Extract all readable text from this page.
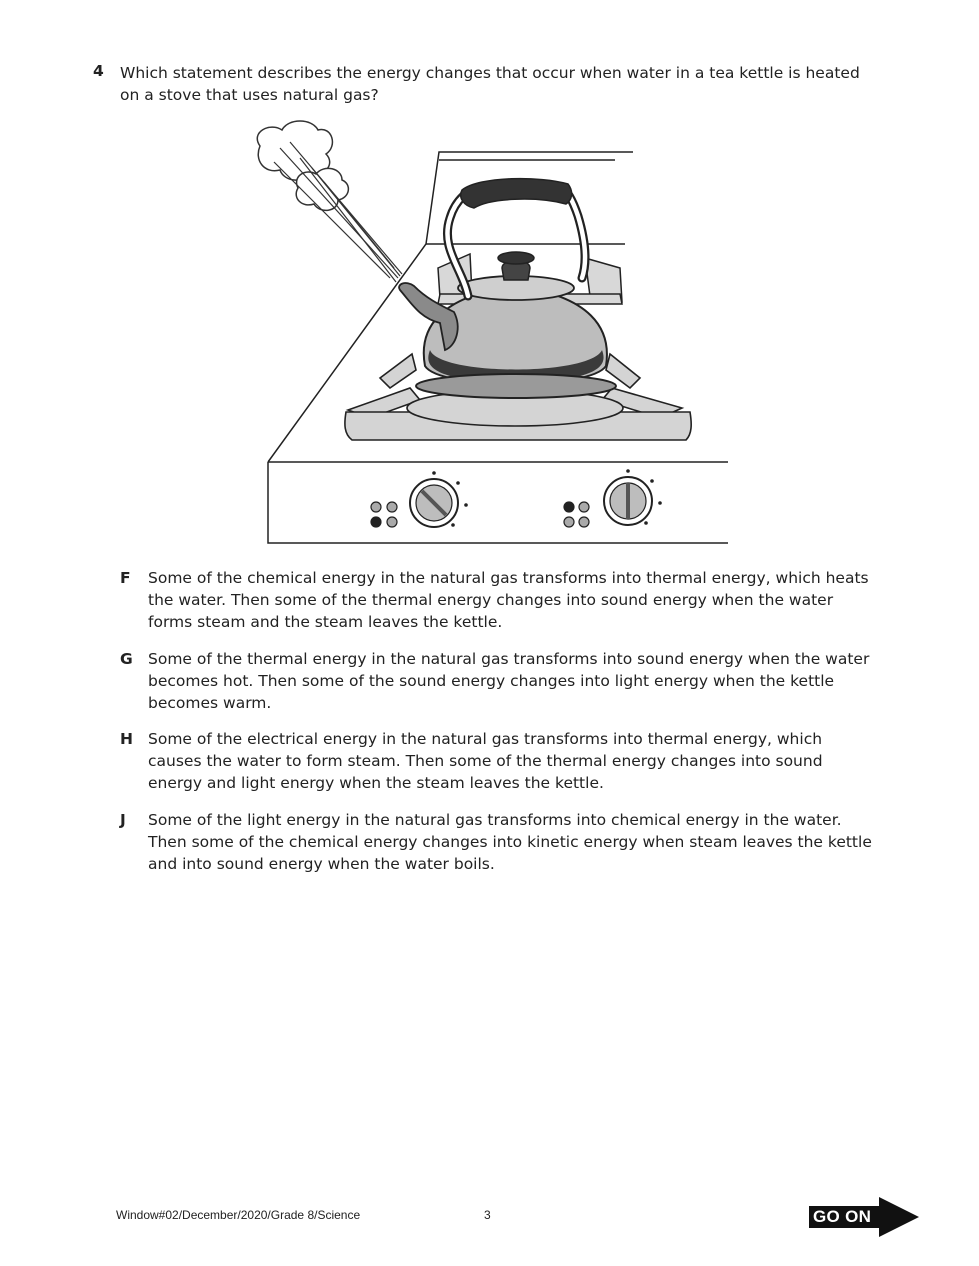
4 Which statement describes the energy changes that occur when water in a tea kettle is heated on a stove that uses natural gas?
F Some of the chemical energy in the natural gas transforms into thermal energy, which heats the water. Then some of the thermal energy changes into sound energy when the water forms steam and the steam leaves the kettle.
G Some of the thermal energy in the natural gas transforms into sound energy when the water becomes hot. Then some of the sound energy changes into light energy when the kettle becomes warm.
H Some of the electrical energy in the natural gas transforms into thermal energy, which causes the water to form steam. Then some of the thermal energy changes into sound energy and light energy when the steam leaves the kettle.
J Some of the light energy in the natural gas transforms into chemical energy in the water. Then some of the chemical energy changes into kinetic energy when steam leaves the kettle and into sound energy when the water boils.
Window#02/December/2020/Grade 8/Science	3	GO ON
